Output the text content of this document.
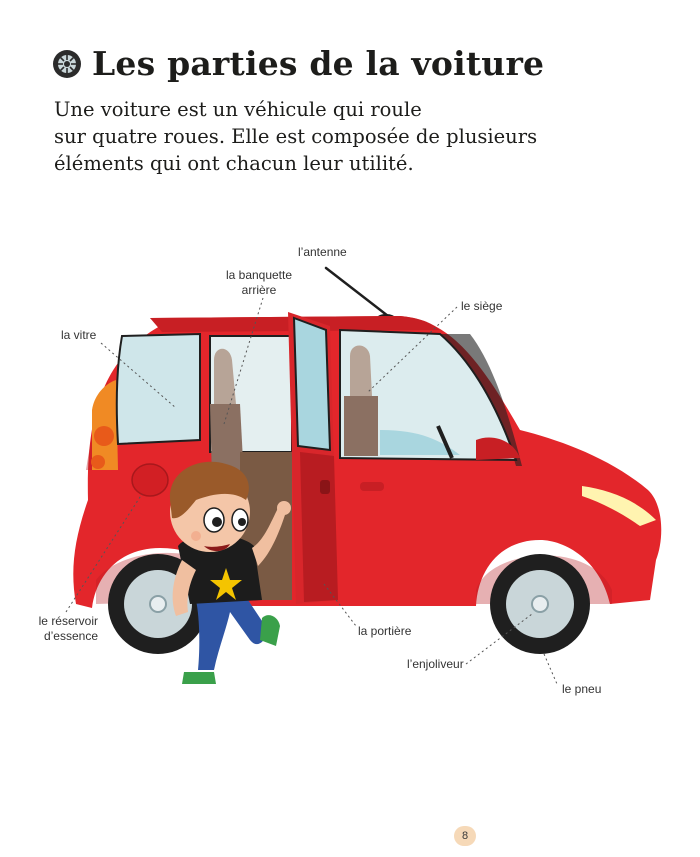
Les parties de la voiture

Une voiture est un véhicule qui roule
sur quatre roues. Elle est composée de plusieurs
éléments qui ont chacun leur utilité.

l’antenne
la banquette
arrière
la vitre
le siège
le réservoir
d’essence	la portière
l’enjoliveur
le pneu
8
